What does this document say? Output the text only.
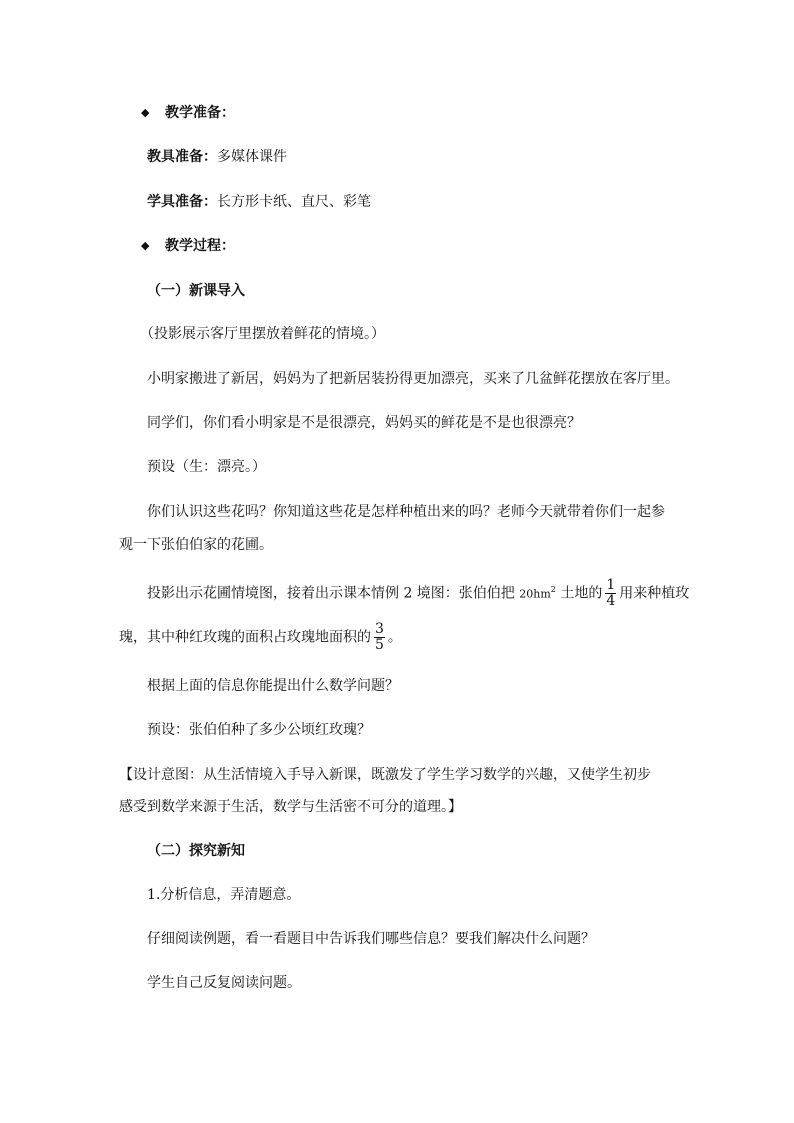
◆ 教学准备：
教具准备：多媒体课件
学具准备：长方形卡纸、直尺、彩笔
◆ 教学过程：
（一）新课导入
（投影展示客厅里摆放着鲜花的情境。）
小明家搬进了新居，妈妈为了把新居装扮得更加漂亮，买来了几盆鲜花摆放在客厅里。
同学们，你们看小明家是不是很漂亮，妈妈买的鲜花是不是也很漂亮？
预设（生：漂亮。）
你们认识这些花吗？你知道这些花是怎样种植出来的吗？老师今天就带着你们一起参
观一下张伯伯家的花圃。
投影出示花圃情境图，接着出示课本情例 2 境图：张伯伯把 $20hm^2$ 土地的 $\frac{1}{4}$ 用来种植玫
瑰，其中种红玫瑰的面积占玫瑰地面积的 $\frac{3}{5}$ 。
根据上面的信息你能提出什么数学问题？
预设：张伯伯种了多少公顷红玫瑰？
【设计意图：从生活情境入手导入新课，既激发了学生学习数学的兴趣，又使学生初步
感受到数学来源于生活，数学与生活密不可分的道理。】
（二）探究新知
1.分析信息，弄清题意。
仔细阅读例题，看一看题目中告诉我们哪些信息？要我们解决什么问题？
学生自己反复阅读问题。
